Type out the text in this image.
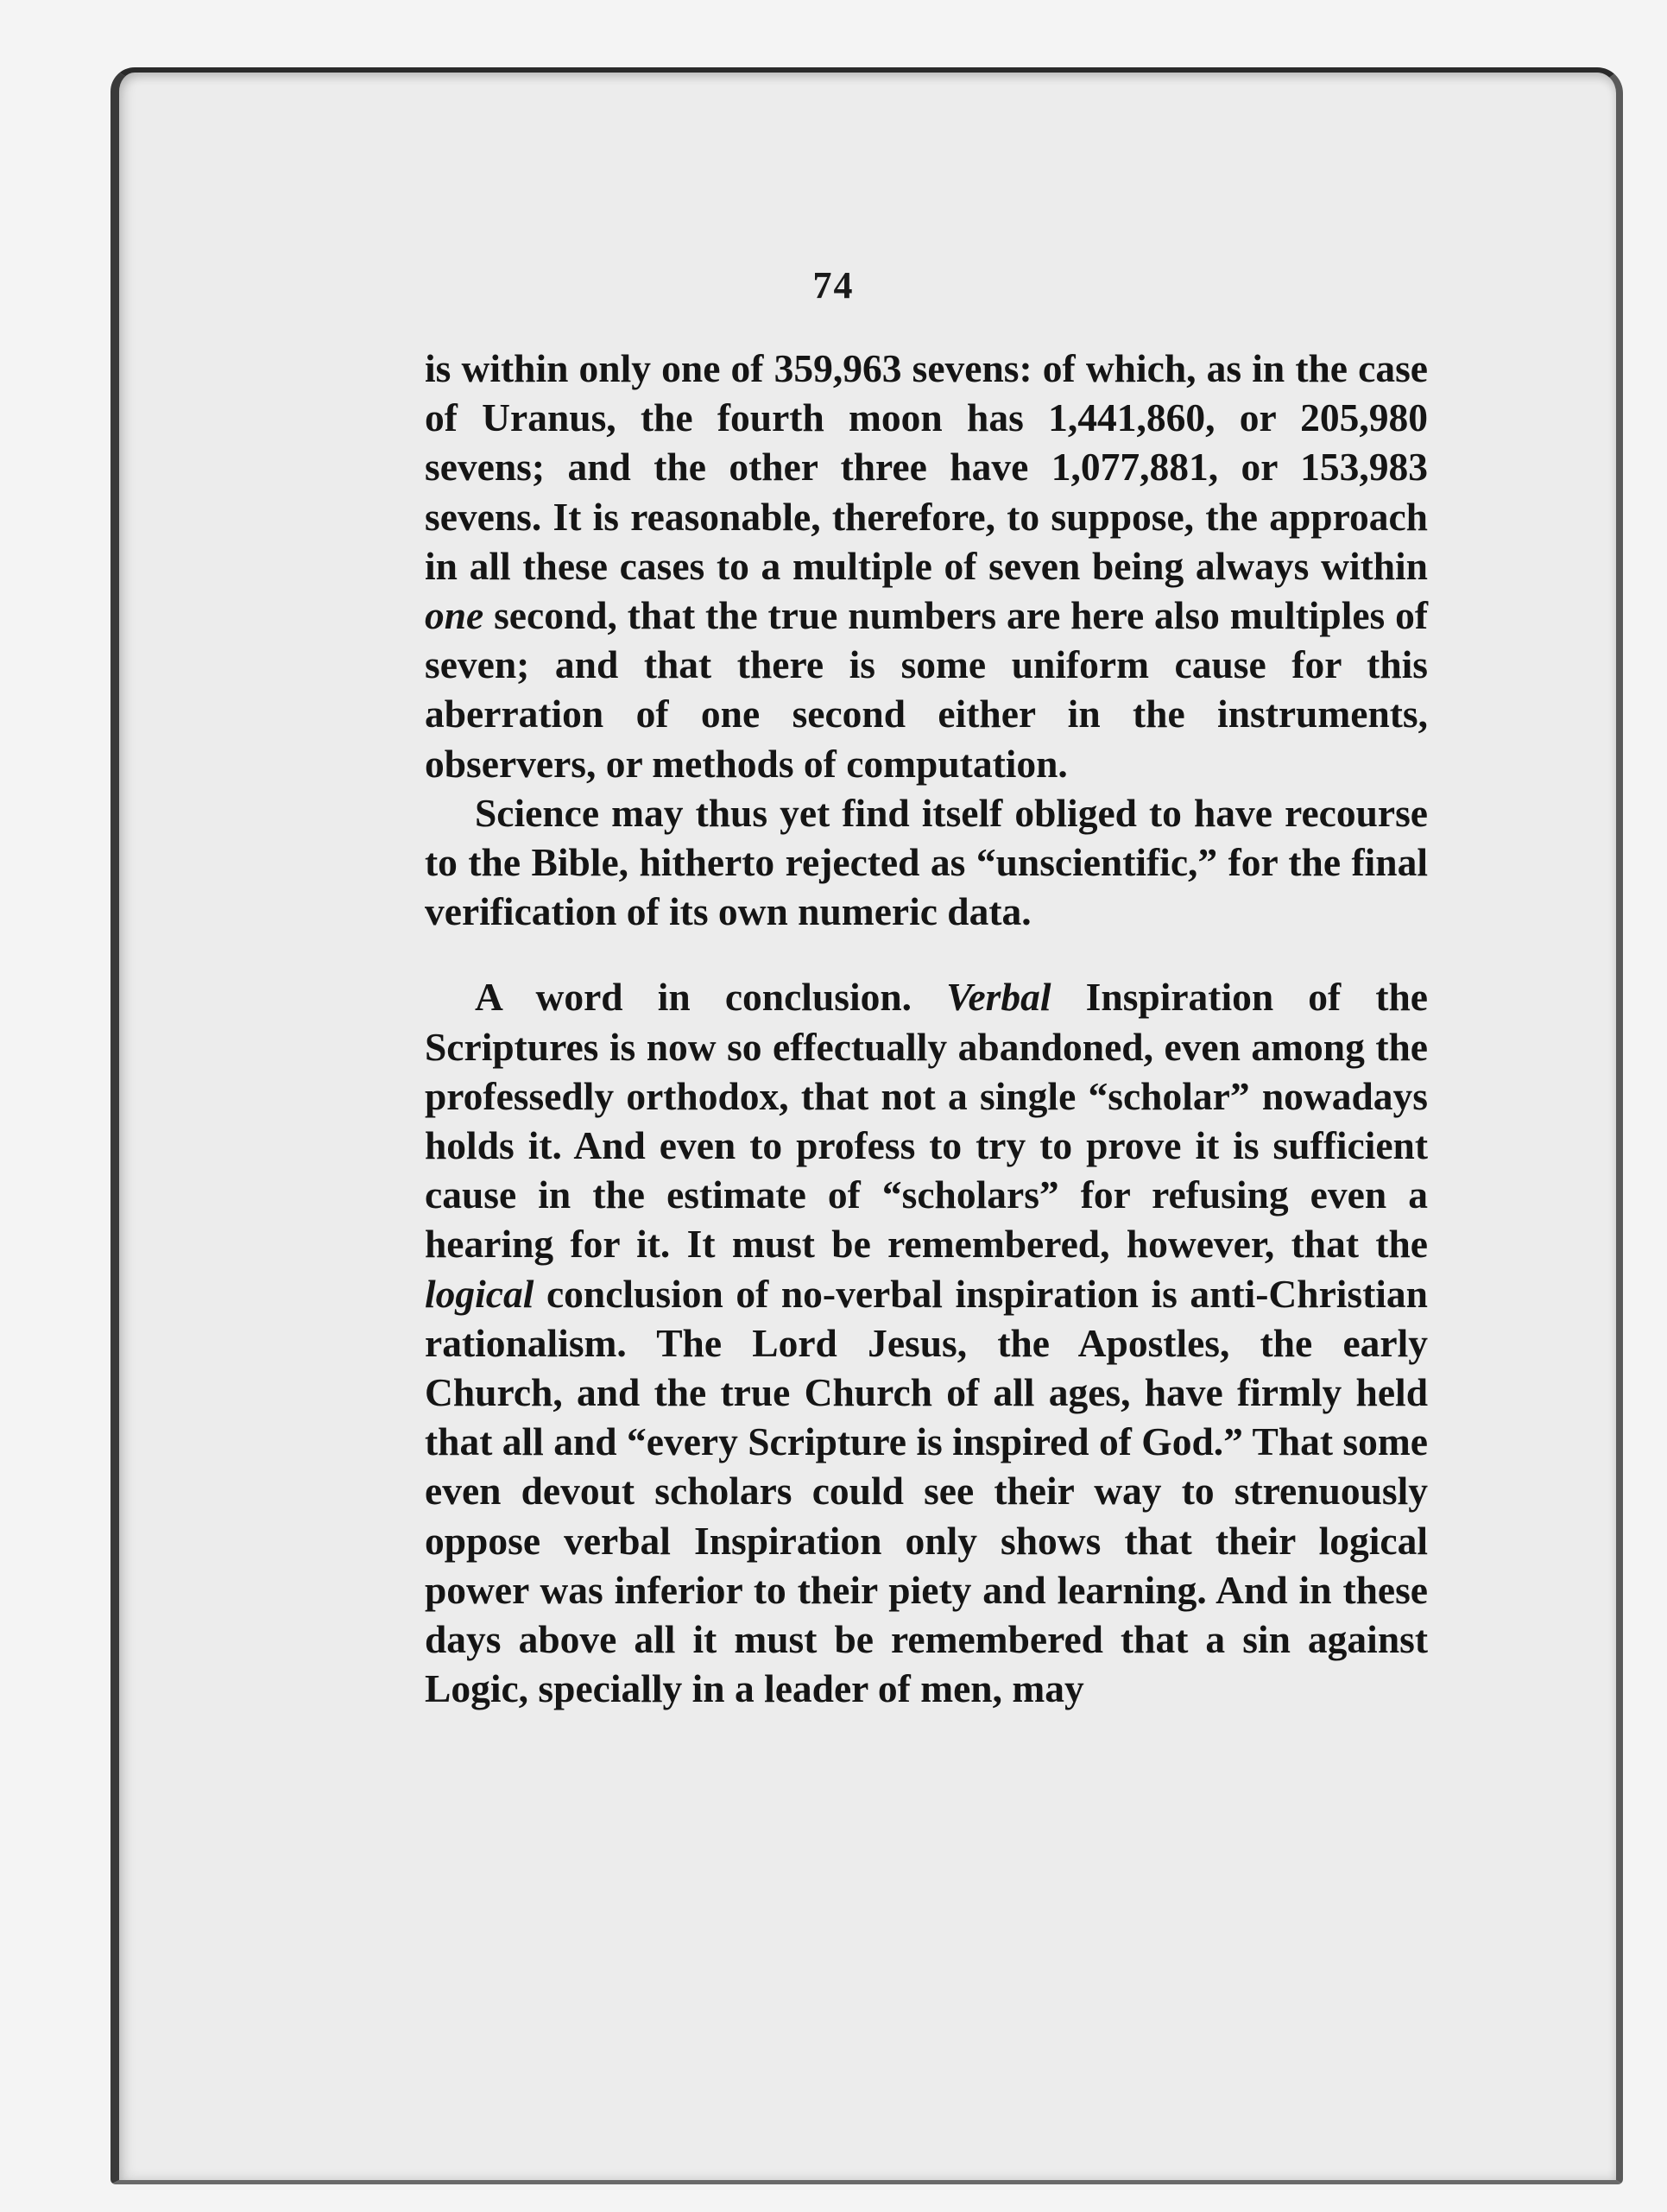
74

is within only one of 359,963 sevens: of which, as in the case of Uranus, the fourth moon has 1,441,860, or 205,980 sevens; and the other three have 1,077,881, or 153,983 sevens. It is reasonable, therefore, to suppose, the approach in all these cases to a multiple of seven being always within one second, that the true numbers are here also multiples of seven; and that there is some uniform cause for this aberration of one second either in the instruments, observers, or methods of computation.

Science may thus yet find itself obliged to have recourse to the Bible, hitherto rejected as “unscientific,” for the final verification of its own numeric data.

A word in conclusion. Verbal Inspiration of the Scriptures is now so effectually abandoned, even among the professedly orthodox, that not a single “scholar” nowadays holds it. And even to profess to try to prove it is sufficient cause in the estimate of “scholars” for refusing even a hearing for it. It must be remembered, however, that the logical conclusion of no-verbal inspiration is anti-Christian rationalism. The Lord Jesus, the Apostles, the early Church, and the true Church of all ages, have firmly held that all and “every Scripture is inspired of God.” That some even devout scholars could see their way to strenuously oppose verbal Inspiration only shows that their logical power was inferior to their piety and learning. And in these days above all it must be remembered that a sin against Logic, specially in a leader of men, may
